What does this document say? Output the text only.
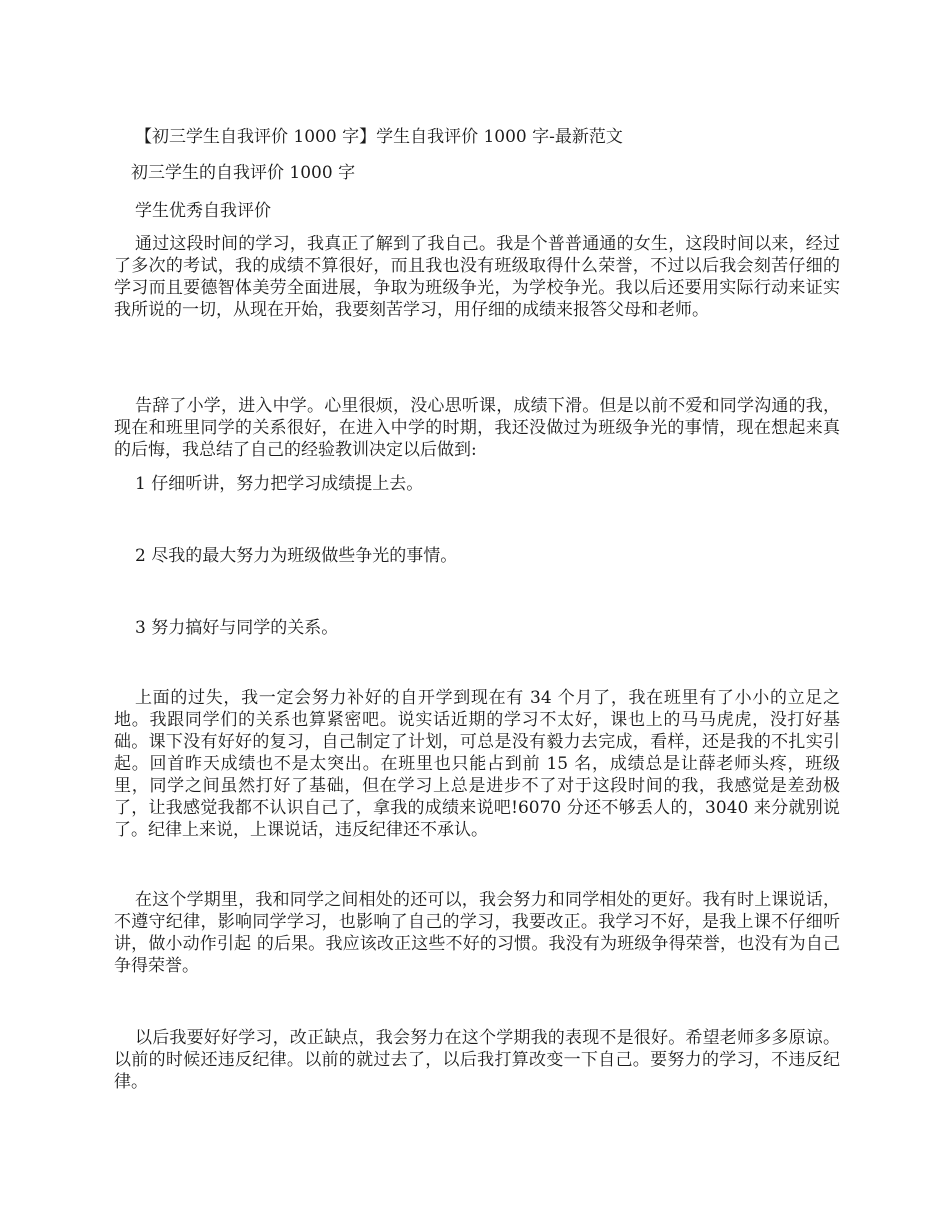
【初三学生自我评价 1000 字】学生自我评价 1000 字-最新范文

初三学生的自我评价 1000 字

学生优秀自我评价

通过这段时间的学习，我真正了解到了我自己。我是个普普通通的女生，这段时间以来，经过了多次的考试，我的成绩不算很好，而且我也没有班级取得什么荣誉，不过以后我会刻苦仔细的学习而且要德智体美劳全面进展，争取为班级争光，为学校争光。我以后还要用实际行动来证实我所说的一切，从现在开始，我要刻苦学习，用仔细的成绩来报答父母和老师。

告辞了小学，进入中学。心里很烦，没心思听课，成绩下滑。但是以前不爱和同学沟通的我，现在和班里同学的关系很好，在进入中学的时期，我还没做过为班级争光的事情，现在想起来真的后悔，我总结了自己的经验教训决定以后做到:

1 仔细听讲，努力把学习成绩提上去。

2 尽我的最大努力为班级做些争光的事情。

3 努力搞好与同学的关系。

上面的过失，我一定会努力补好的自开学到现在有 34 个月了，我在班里有了小小的立足之地。我跟同学们的关系也算紧密吧。说实话近期的学习不太好，课也上的马马虎虎，没打好基础。课下没有好好的复习，自己制定了计划，可总是没有毅力去完成，看样，还是我的不扎实引起。回首昨天成绩也不是太突出。在班里也只能占到前 15 名，成绩总是让薛老师头疼，班级里，同学之间虽然打好了基础，但在学习上总是进步不了对于这段时间的我，我感觉是差劲极了，让我感觉我都不认识自己了，拿我的成绩来说吧!6070 分还不够丢人的，3040 来分就别说了。纪律上来说，上课说话，违反纪律还不承认。

在这个学期里，我和同学之间相处的还可以，我会努力和同学相处的更好。我有时上课说话，不遵守纪律，影响同学学习，也影响了自己的学习，我要改正。我学习不好，是我上课不仔细听讲，做小动作引起 的后果。我应该改正这些不好的习惯。我没有为班级争得荣誉，也没有为自己争得荣誉。

以后我要好好学习，改正缺点，我会努力在这个学期我的表现不是很好。希望老师多多原谅。以前的时候还违反纪律。以前的就过去了，以后我打算改变一下自己。要努力的学习，不违反纪律。
